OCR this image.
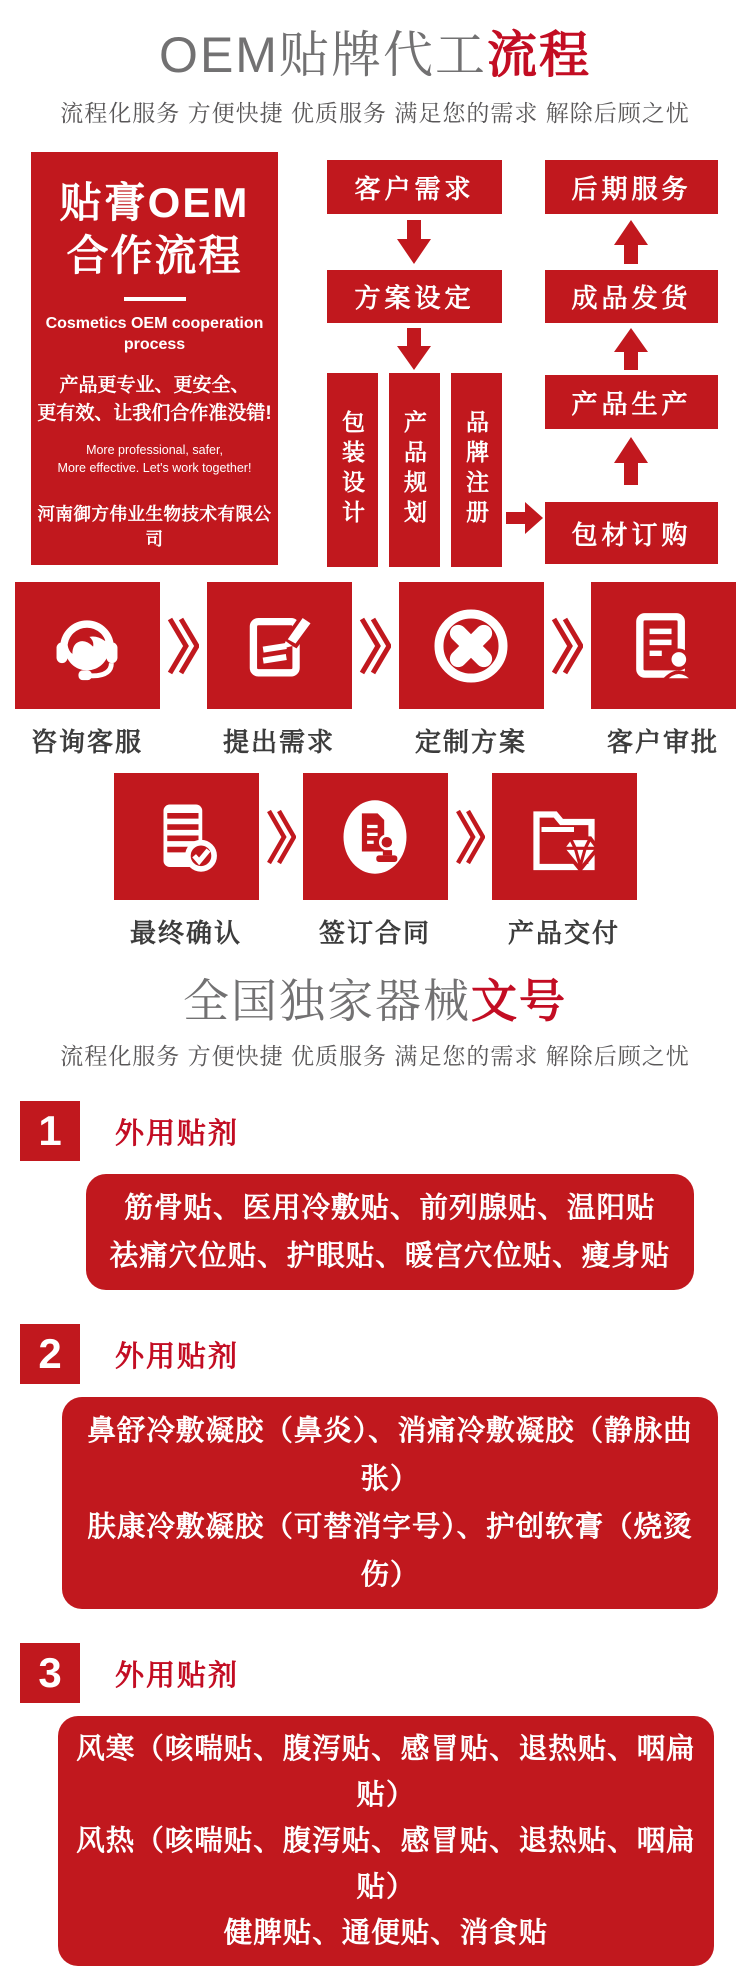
OEM贴牌代工流程
流程化服务 方便快捷 优质服务 满足您的需求 解除后顾之忧
贴膏OEM
合作流程
Cosmetics OEM cooperation
process
产品更专业、更安全、
更有效、让我们合作准没错!
More professional, safer,
More effective. Let's work together!
河南御方伟业生物技术有限公司
客户需求
方案设定
包装设计	产品规划	品牌注册
后期服务
成品发货
产品生产
包材订购
咨询客服	提出需求	定制方案	客户审批
最终确认	签订合同	产品交付
全国独家器械文号
流程化服务 方便快捷 优质服务 满足您的需求 解除后顾之忧
1	外用贴剂
筋骨贴、医用冷敷贴、前列腺贴、温阳贴
祛痛穴位贴、护眼贴、暖宫穴位贴、瘦身贴
2	外用贴剂
鼻舒冷敷凝胶（鼻炎）、消痛冷敷凝胶（静脉曲张）
肤康冷敷凝胶（可替消字号）、护创软膏（烧烫伤）
3	外用贴剂
风寒（咳喘贴、腹泻贴、感冒贴、退热贴、咽扁贴）
风热（咳喘贴、腹泻贴、感冒贴、退热贴、咽扁贴）
健脾贴、通便贴、消食贴
